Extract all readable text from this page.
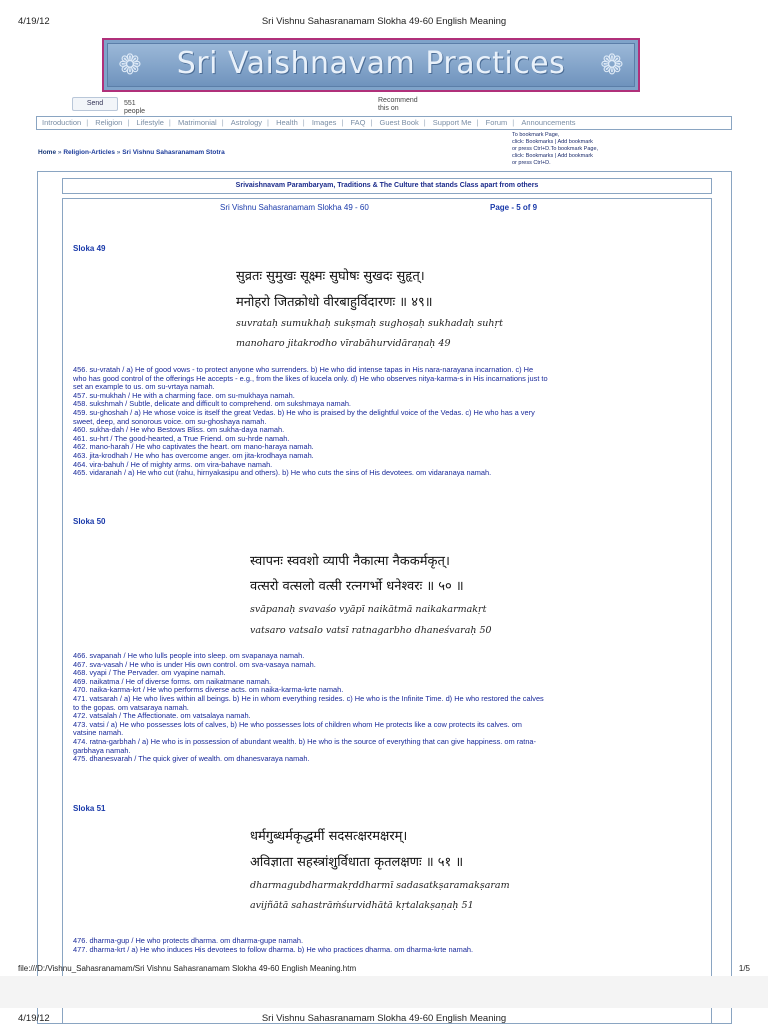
4/19/12	Sri Vishnu Sahasranamam Slokha 49-60 English Meaning
❁	Sri Vaishnavam Practices	❁
Send	551 people
Recommend this on
Introduction | Religion | Lifestyle | Matrimonial | Astrology | Health | Images | FAQ | Guest Book | Support Me | Forum | Announcements
To bookmark Page,
click: Bookmarks | Add bookmark
or press Ctrl+D.To bookmark Page,
click: Bookmarks | Add bookmark
or press Ctrl+D.
Home » Religion-Articles » Sri Vishnu Sahasranamam Stotra
Srivaishnavam Parambaryam, Traditions & The Culture that stands Class apart from others
Sri Vishnu Sahasranamam Slokha 49 - 60	Page - 5 of 9
Sloka 49
सुव्रतः सुमुखः सूक्ष्मः सुघोषः सुखदः सुहृत्।
मनोहरो जितक्रोधो वीरबाहुर्विदारणः ॥ ४९॥
suvrataḥ sumukhaḥ sukṣmaḥ sughoṣaḥ sukhadaḥ suhṛt
manoharo jitakrodho vīrabāhurvidāraṇaḥ 49
456. su-vratah / a) He of good vows - to protect anyone who surrenders. b) He who did intense tapas in His nara-narayana incarnation. c) He
who has good control of the offerings He accepts - e.g., from the likes of kucela only. d) He who observes nitya-karma-s in His incarnations just to
set an example to us. om su-vrtaya namah.
457. su-mukhah / He with a charming face. om su-mukhaya namah.
458. sukshmah / Subtle, delicate and difficult to comprehend. om sukshmaya namah.
459. su-ghoshah / a) He whose voice is itself the great Vedas. b) He who is praised by the delightful voice of the Vedas. c) He who has a very
sweet, deep, and sonorous voice. om su-ghoshaya namah.
460. sukha-dah / He who Bestows Bliss. om sukha-daya namah.
461. su-hrt / The good-hearted, a True Friend. om su-hrde namah.
462. mano-harah / He who captivates the heart. om mano-haraya namah.
463. jita-krodhah / He who has overcome anger. om jita-krodhaya namah.
464. vira-bahuh / He of mighty arms. om vira-bahave namah.
465. vidaranah / a) He who cut (rahu, hirnyakasipu and others). b) He who cuts the sins of His devotees. om vidaranaya namah.
Sloka 50
स्वापनः स्ववशो व्यापी नैकात्मा नैककर्मकृत्।
वत्सरो वत्सलो वत्सी रत्नगर्भो धनेश्वरः ॥ ५० ॥
svāpanaḥ svavaśo vyāpī naikātmā naikakarmakṛt
vatsaro vatsalo vatsī ratnagarbho dhaneśvaraḥ 50
466. svapanah / He who lulls people into sleep. om svapanaya namah.
467. sva-vasah / He who is under His own control. om sva-vasaya namah.
468. vyapi / The Pervader. om vyapine namah.
469. naikatma / He of diverse forms. om naikatmane namah.
470. naika-karma-krt / He who performs diverse acts. om naika-karma-krte namah.
471. vatsarah / a) He who lives within all beings. b) He in whom everything resides. c) He who is the Infinite Time. d) He who restored the calves
to the gopas. om vatsaraya namah.
472. vatsalah / The Affectionate. om vatsalaya namah.
473. vatsi / a) He who possesses lots of calves, b) He who possesses lots of children whom He protects like a cow protects its calves. om
vatsine namah.
474. ratna-garbhah / a) He who is in possession of abundant wealth. b) He who is the source of everything that can give happiness. om ratna-
garbhaya namah.
475. dhanesvarah / The quick giver of wealth. om dhanesvaraya namah.
Sloka 51
धर्मगुब्धर्मकृद्धर्मी सदसत्क्षरमक्षरम्।
अविज्ञाता सहस्त्रांशुर्विधाता कृतलक्षणः ॥ ५१ ॥
dharmagubdharmakṛddharmī sadasatkṣaramakṣaram
avijñātā sahastrāṁśurvidhātā kṛtalakṣaṇaḥ 51
476. dharma-gup / He who protects dharma. om dharma-gupe namah.
477. dharma-krt / a) He who induces His devotees to follow dharma. b) He who practices dharma. om dharma-krte namah.
file:///D:/Vishnu_Sahasranamam/Sri Vishnu Sahasranamam Slokha 49-60 English Meaning.htm	1/5
4/19/12	Sri Vishnu Sahasranamam Slokha 49-60 English Meaning
